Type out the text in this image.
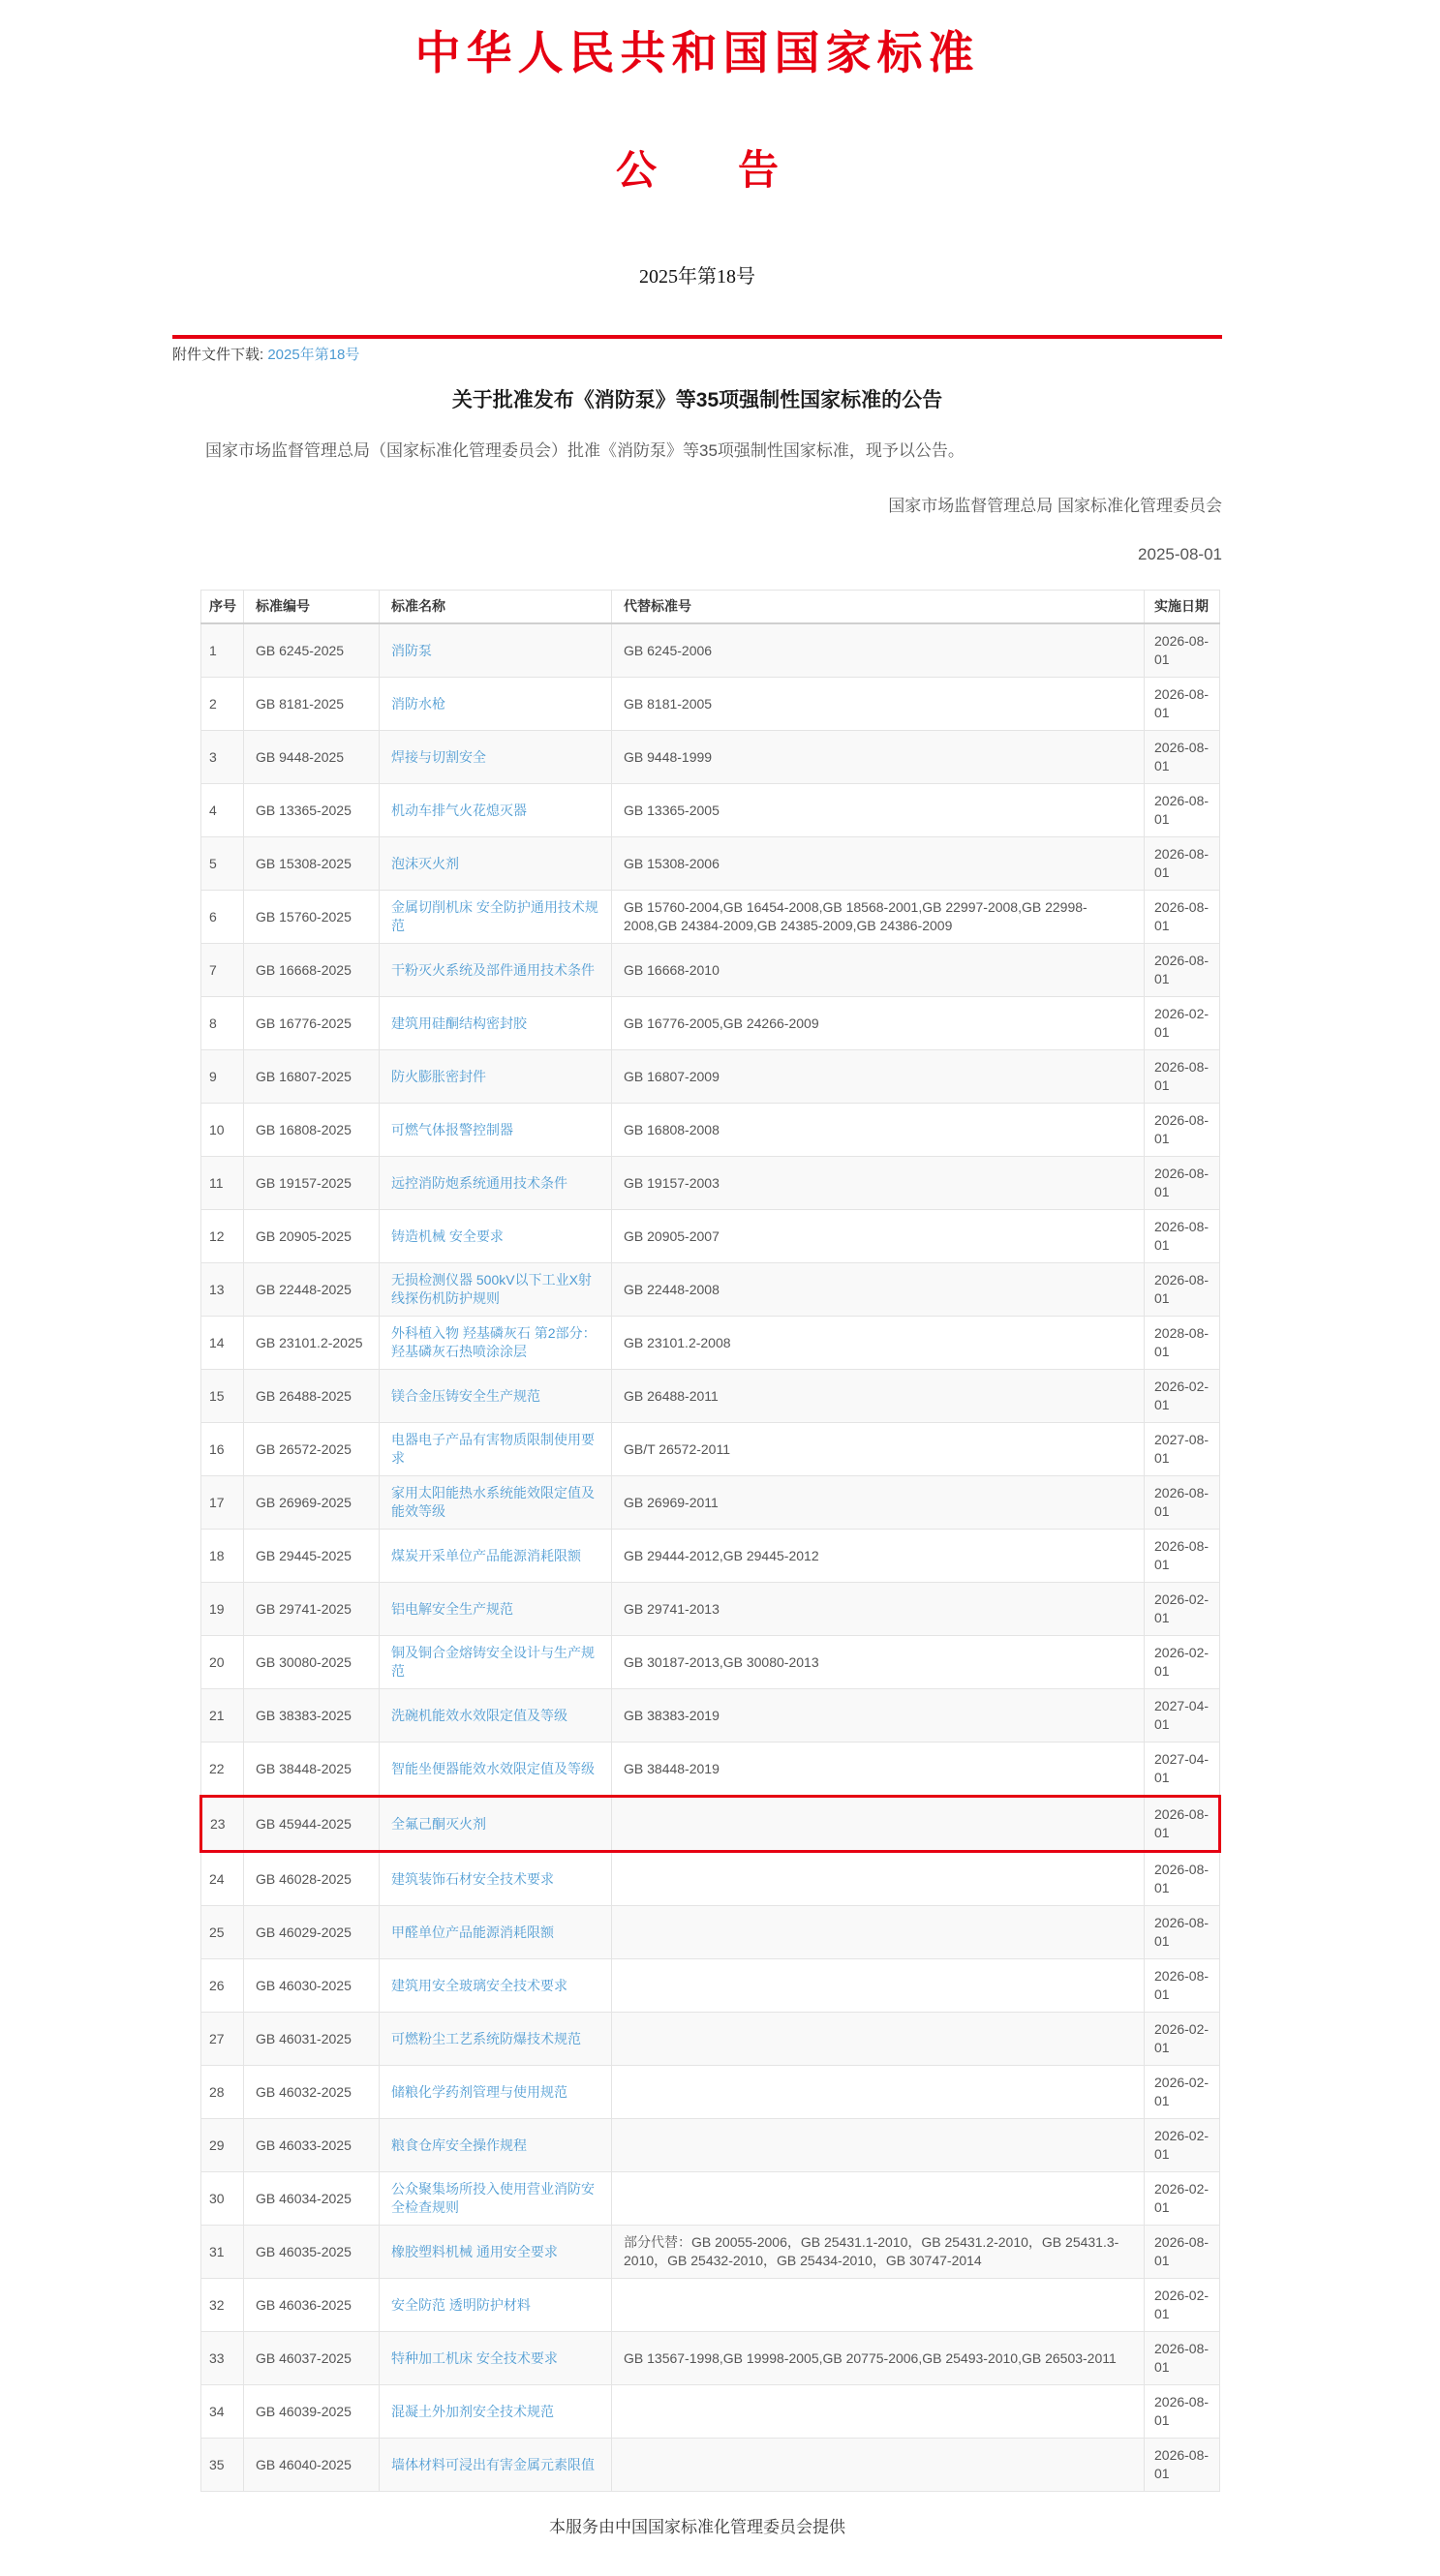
中华人民共和国国家标准
公　　告
2025年第18号
附件文件下载: 2025年第18号
关于批准发布《消防泵》等35项强制性国家标准的公告
国家市场监督管理总局（国家标准化管理委员会）批准《消防泵》等35项强制性国家标准，现予以公告。
国家市场监督管理总局 国家标准化管理委员会
2025-08-01
序号	标准编号	标准名称	代替标准号	实施日期
1	GB 6245-2025	消防泵	GB 6245-2006	2026-08-01
2	GB 8181-2025	消防水枪	GB 8181-2005	2026-08-01
3	GB 9448-2025	焊接与切割安全	GB 9448-1999	2026-08-01
4	GB 13365-2025	机动车排气火花熄灭器	GB 13365-2005	2026-08-01
5	GB 15308-2025	泡沫灭火剂	GB 15308-2006	2026-08-01
6	GB 15760-2025	金属切削机床 安全防护通用技术规范	GB 15760-2004,GB 16454-2008,GB 18568-2001,GB 22997-2008,GB 22998-2008,GB 24384-2009,GB 24385-2009,GB 24386-2009	2026-08-01
7	GB 16668-2025	干粉灭火系统及部件通用技术条件	GB 16668-2010	2026-08-01
8	GB 16776-2025	建筑用硅酮结构密封胶	GB 16776-2005,GB 24266-2009	2026-02-01
9	GB 16807-2025	防火膨胀密封件	GB 16807-2009	2026-08-01
10	GB 16808-2025	可燃气体报警控制器	GB 16808-2008	2026-08-01
11	GB 19157-2025	远控消防炮系统通用技术条件	GB 19157-2003	2026-08-01
12	GB 20905-2025	铸造机械 安全要求	GB 20905-2007	2026-08-01
13	GB 22448-2025	无损检测仪器 500kV以下工业X射线探伤机防护规则	GB 22448-2008	2026-08-01
14	GB 23101.2-2025	外科植入物 羟基磷灰石 第2部分：羟基磷灰石热喷涂涂层	GB 23101.2-2008	2028-08-01
15	GB 26488-2025	镁合金压铸安全生产规范	GB 26488-2011	2026-02-01
16	GB 26572-2025	电器电子产品有害物质限制使用要求	GB/T 26572-2011	2027-08-01
17	GB 26969-2025	家用太阳能热水系统能效限定值及能效等级	GB 26969-2011	2026-08-01
18	GB 29445-2025	煤炭开采单位产品能源消耗限额	GB 29444-2012,GB 29445-2012	2026-08-01
19	GB 29741-2025	铝电解安全生产规范	GB 29741-2013	2026-02-01
20	GB 30080-2025	铜及铜合金熔铸安全设计与生产规范	GB 30187-2013,GB 30080-2013	2026-02-01
21	GB 38383-2025	洗碗机能效水效限定值及等级	GB 38383-2019	2027-04-01
22	GB 38448-2025	智能坐便器能效水效限定值及等级	GB 38448-2019	2027-04-01
23	GB 45944-2025	全氟己酮灭火剂		2026-08-01
24	GB 46028-2025	建筑装饰石材安全技术要求		2026-08-01
25	GB 46029-2025	甲醛单位产品能源消耗限额		2026-08-01
26	GB 46030-2025	建筑用安全玻璃安全技术要求		2026-08-01
27	GB 46031-2025	可燃粉尘工艺系统防爆技术规范		2026-02-01
28	GB 46032-2025	储粮化学药剂管理与使用规范		2026-02-01
29	GB 46033-2025	粮食仓库安全操作规程		2026-02-01
30	GB 46034-2025	公众聚集场所投入使用营业消防安全检查规则		2026-02-01
31	GB 46035-2025	橡胶塑料机械 通用安全要求	部分代替：GB 20055-2006，GB 25431.1-2010，GB 25431.2-2010，GB 25431.3-2010，GB 25432-2010，GB 25434-2010，GB 30747-2014	2026-08-01
32	GB 46036-2025	安全防范 透明防护材料		2026-02-01
33	GB 46037-2025	特种加工机床 安全技术要求	GB 13567-1998,GB 19998-2005,GB 20775-2006,GB 25493-2010,GB 26503-2011	2026-08-01
34	GB 46039-2025	混凝土外加剂安全技术规范		2026-08-01
35	GB 46040-2025	墙体材料可浸出有害金属元素限值		2026-08-01
本服务由中国国家标准化管理委员会提供
